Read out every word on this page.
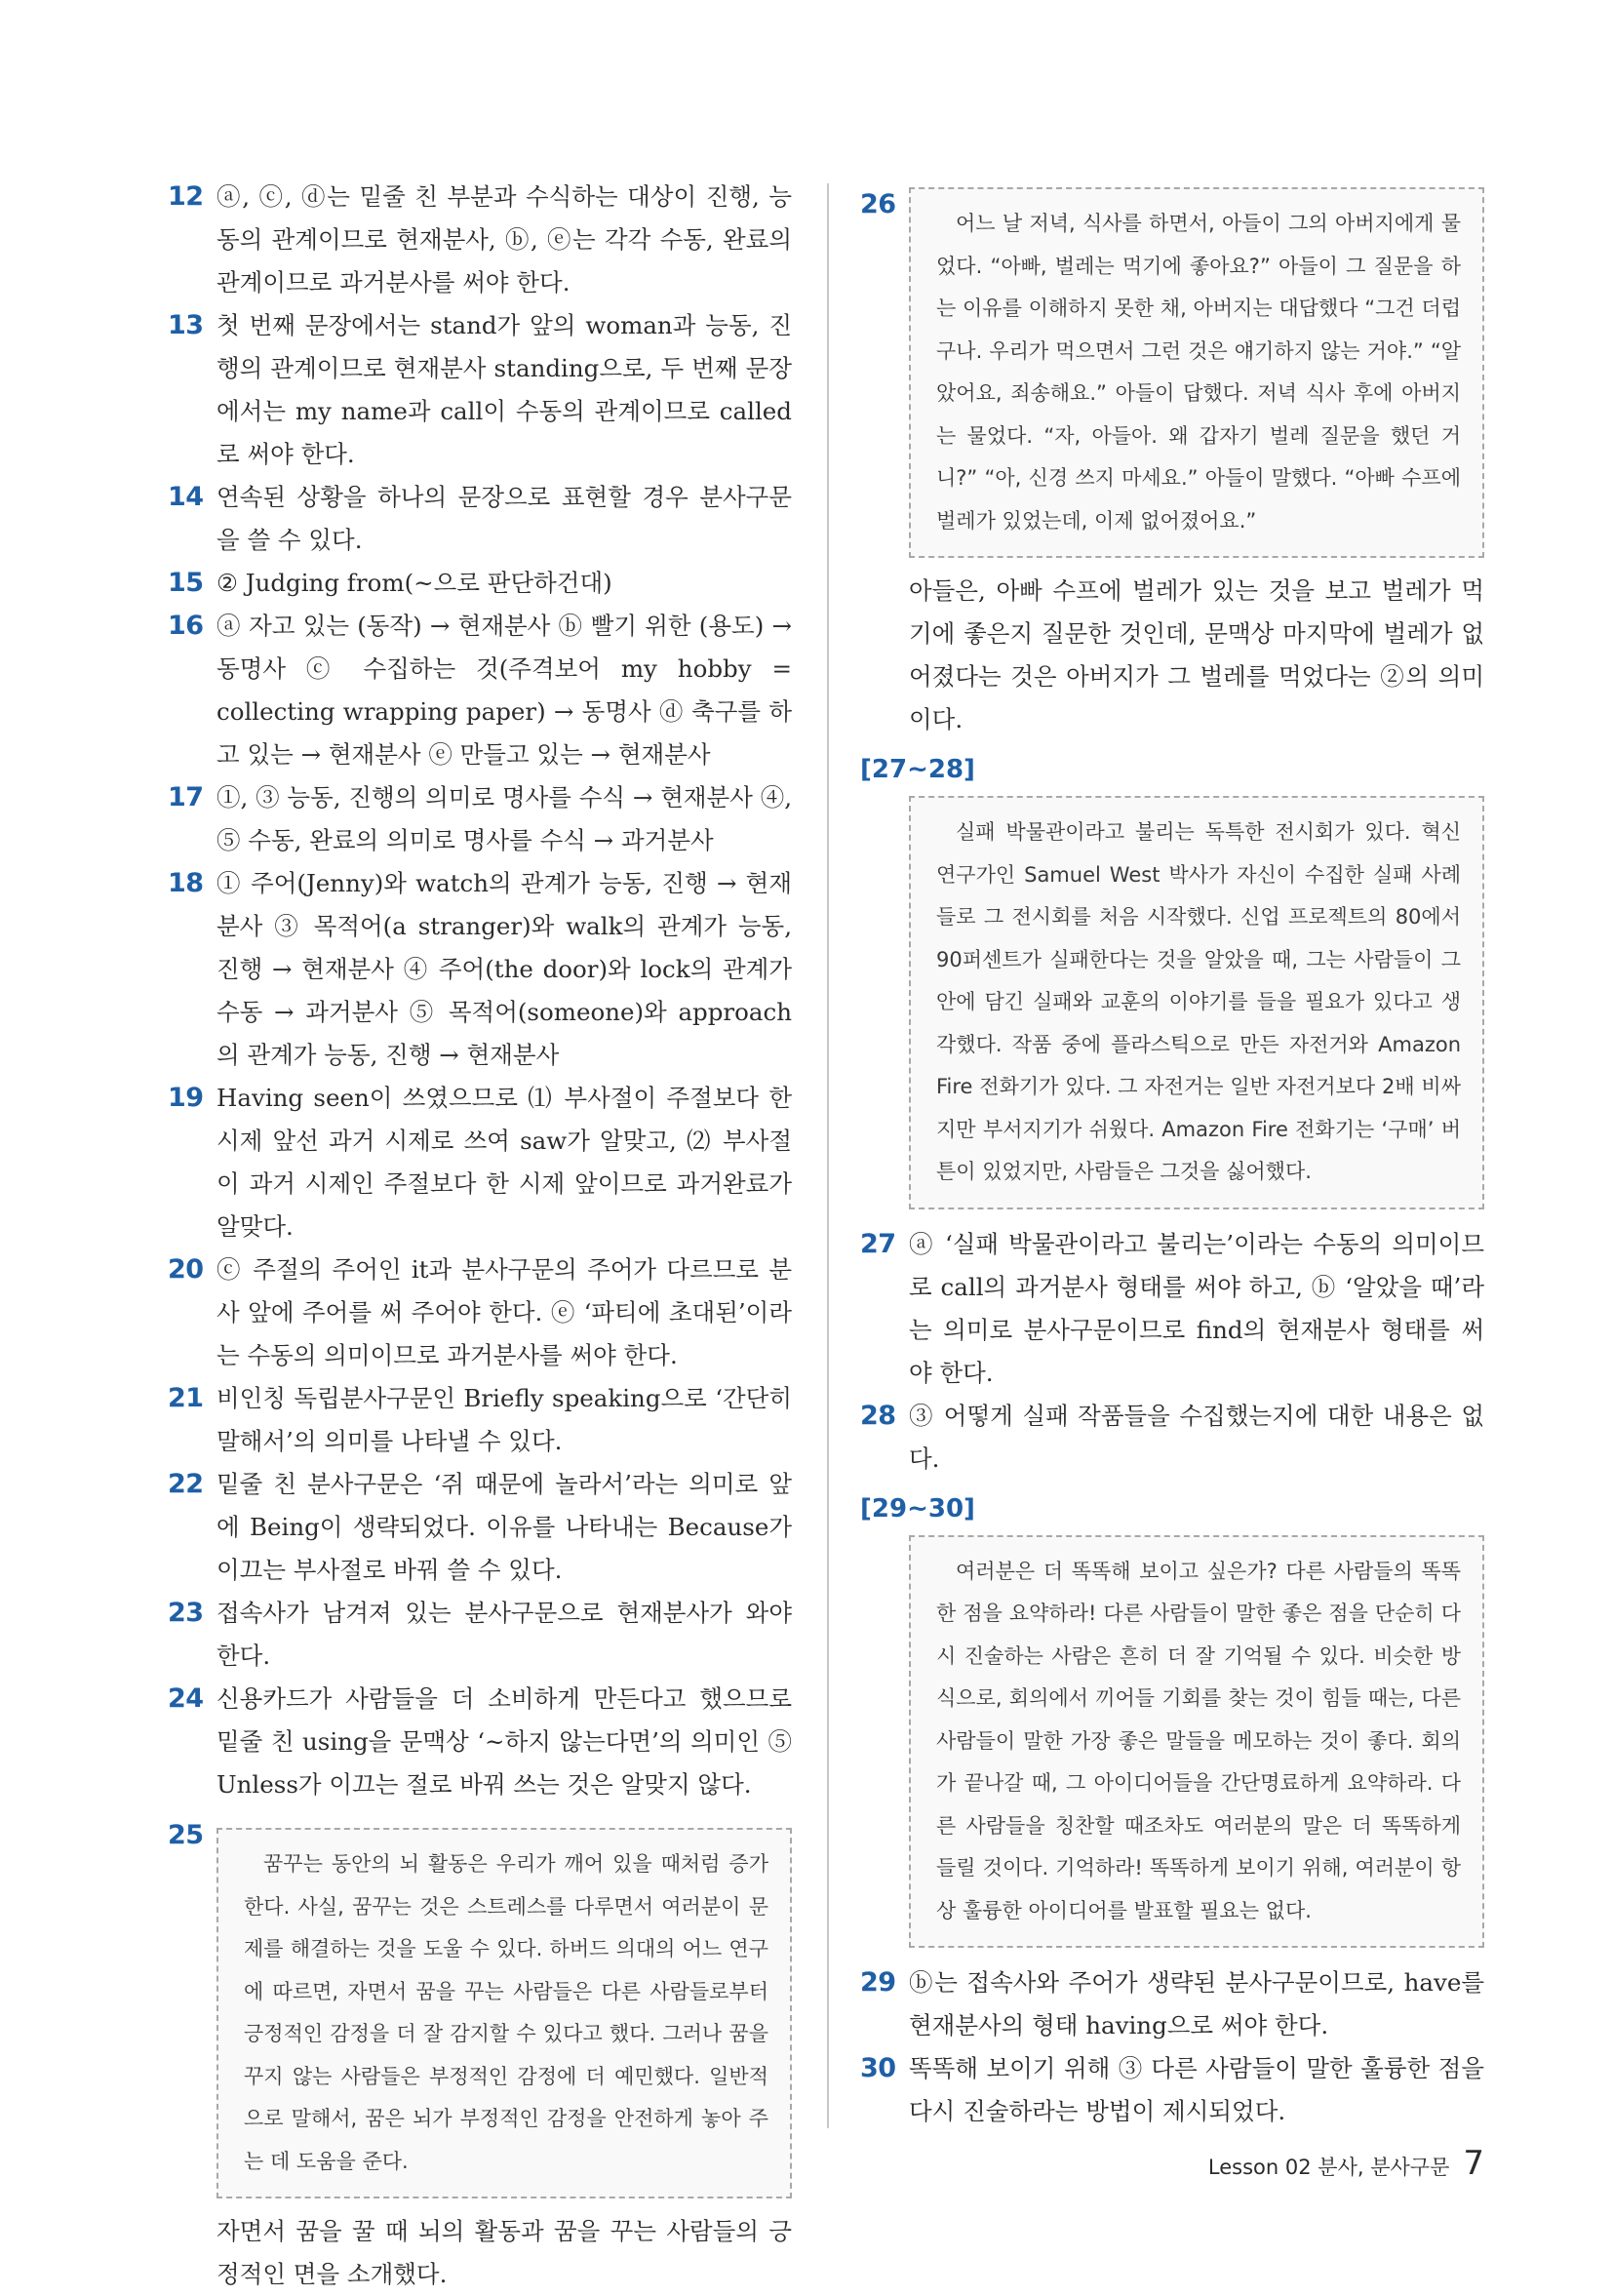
12 ⓐ, ⓒ, ⓓ는 밑줄 친 부분과 수식하는 대상이 진행, 능동의 관계이므로 현재분사, ⓑ, ⓔ는 각각 수동, 완료의 관계이므로 과거분사를 써야 한다.
13 첫 번째 문장에서는 stand가 앞의 woman과 능동, 진행의 관계이므로 현재분사 standing으로, 두 번째 문장에서는 my name과 call이 수동의 관계이므로 called로 써야 한다.
14 연속된 상황을 하나의 문장으로 표현할 경우 분사구문을 쓸 수 있다.
15 ② Judging from(~으로 판단하건대)
16 ⓐ 자고 있는 (동작) → 현재분사 ⓑ 빨기 위한 (용도) → 동명사 ⓒ 수집하는 것(주격보어 my hobby = collecting wrapping paper) → 동명사 ⓓ 축구를 하고 있는 → 현재분사 ⓔ 만들고 있는 → 현재분사
17 ①, ③ 능동, 진행의 의미로 명사를 수식 → 현재분사 ④, ⑤ 수동, 완료의 의미로 명사를 수식 → 과거분사
18 ① 주어(Jenny)와 watch의 관계가 능동, 진행 → 현재분사 ③ 목적어(a stranger)와 walk의 관계가 능동, 진행 → 현재분사 ④ 주어(the door)와 lock의 관계가 수동 → 과거분사 ⑤ 목적어(someone)와 approach의 관계가 능동, 진행 → 현재분사
19 Having seen이 쓰였으므로 ⑴ 부사절이 주절보다 한 시제 앞선 과거 시제로 쓰여 saw가 알맞고, ⑵ 부사절이 과거 시제인 주절보다 한 시제 앞이므로 과거완료가 알맞다.
20 ⓒ 주절의 주어인 it과 분사구문의 주어가 다르므로 분사 앞에 주어를 써 주어야 한다. ⓔ ‘파티에 초대된’이라는 수동의 의미이므로 과거분사를 써야 한다.
21 비인칭 독립분사구문인 Briefly speaking으로 ‘간단히 말해서’의 의미를 나타낼 수 있다.
22 밑줄 친 분사구문은 ‘쥐 때문에 놀라서’라는 의미로 앞에 Being이 생략되었다. 이유를 나타내는 Because가 이끄는 부사절로 바꿔 쓸 수 있다.
23 접속사가 남겨져 있는 분사구문으로 현재분사가 와야 한다.
24 신용카드가 사람들을 더 소비하게 만든다고 했으므로 밑줄 친 using을 문맥상 ‘~하지 않는다면’의 의미인 ⑤ Unless가 이끄는 절로 바꿔 쓰는 것은 알맞지 않다.
25

꿈꾸는 동안의 뇌 활동은 우리가 깨어 있을 때처럼 증가한다. 사실, 꿈꾸는 것은 스트레스를 다루면서 여러분이 문제를 해결하는 것을 도울 수 있다. 하버드 의대의 어느 연구에 따르면, 자면서 꿈을 꾸는 사람들은 다른 사람들로부터 긍정적인 감정을 더 잘 감지할 수 있다고 했다. 그러나 꿈을 꾸지 않는 사람들은 부정적인 감정에 더 예민했다. 일반적으로 말해서, 꿈은 뇌가 부정적인 감정을 안전하게 놓아 주는 데 도움을 준다.

자면서 꿈을 꿀 때 뇌의 활동과 꿈을 꾸는 사람들의 긍정적인 면을 소개했다.

26

어느 날 저녁, 식사를 하면서, 아들이 그의 아버지에게 물었다. “아빠, 벌레는 먹기에 좋아요?” 아들이 그 질문을 하는 이유를 이해하지 못한 채, 아버지는 대답했다 “그건 더럽구나. 우리가 먹으면서 그런 것은 얘기하지 않는 거야.” “알았어요, 죄송해요.” 아들이 답했다. 저녁 식사 후에 아버지는 물었다. “자, 아들아. 왜 갑자기 벌레 질문을 했던 거니?” “아, 신경 쓰지 마세요.” 아들이 말했다. “아빠 수프에 벌레가 있었는데, 이제 없어졌어요.”

아들은, 아빠 수프에 벌레가 있는 것을 보고 벌레가 먹기에 좋은지 질문한 것인데, 문맥상 마지막에 벌레가 없어졌다는 것은 아버지가 그 벌레를 먹었다는 ②의 의미이다.

[27~28]

실패 박물관이라고 불리는 독특한 전시회가 있다. 혁신 연구가인 Samuel West 박사가 자신이 수집한 실패 사례들로 그 전시회를 처음 시작했다. 신업 프로젝트의 80에서 90퍼센트가 실패한다는 것을 알았을 때, 그는 사람들이 그 안에 담긴 실패와 교훈의 이야기를 들을 필요가 있다고 생각했다. 작품 중에 플라스틱으로 만든 자전거와 Amazon Fire 전화기가 있다. 그 자전거는 일반 자전거보다 2배 비싸지만 부서지기가 쉬웠다. Amazon Fire 전화기는 ‘구매’ 버튼이 있었지만, 사람들은 그것을 싫어했다.

27 ⓐ ‘실패 박물관이라고 불리는’이라는 수동의 의미이므로 call의 과거분사 형태를 써야 하고, ⓑ ‘알았을 때’라는 의미로 분사구문이므로 find의 현재분사 형태를 써야 한다.
28 ③ 어떻게 실패 작품들을 수집했는지에 대한 내용은 없다.

[29~30]

여러분은 더 똑똑해 보이고 싶은가? 다른 사람들의 똑똑한 점을 요약하라! 다른 사람들이 말한 좋은 점을 단순히 다시 진술하는 사람은 흔히 더 잘 기억될 수 있다. 비슷한 방식으로, 회의에서 끼어들 기회를 찾는 것이 힘들 때는, 다른 사람들이 말한 가장 좋은 말들을 메모하는 것이 좋다. 회의가 끝나갈 때, 그 아이디어들을 간단명료하게 요약하라. 다른 사람들을 칭찬할 때조차도 여러분의 말은 더 똑똑하게 들릴 것이다. 기억하라! 똑똑하게 보이기 위해, 여러분이 항상 훌륭한 아이디어를 발표할 필요는 없다.

29 ⓑ는 접속사와 주어가 생략된 분사구문이므로, have를 현재분사의 형태 having으로 써야 한다.
30 똑똑해 보이기 위해 ③ 다른 사람들이 말한 훌륭한 점을 다시 진술하라는 방법이 제시되었다.
Lesson 02 분사, 분사구문 7
